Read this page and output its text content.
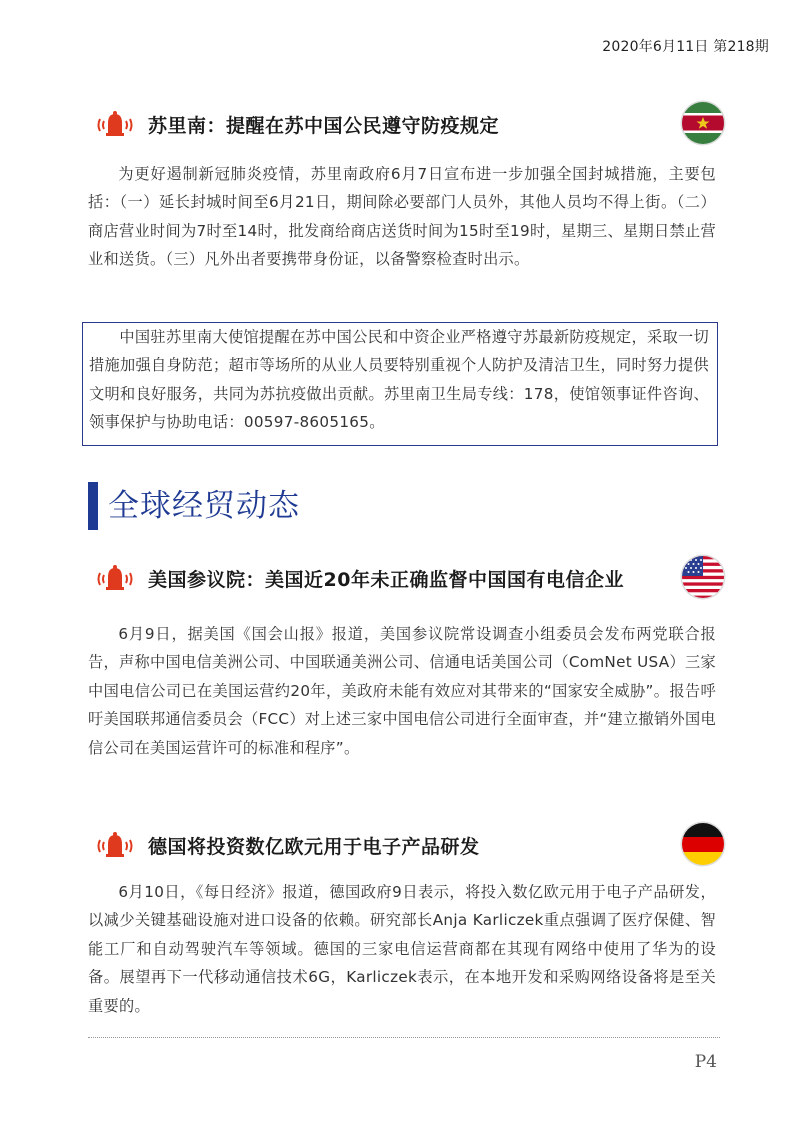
2020年6月11日 第218期
苏里南：提醒在苏中国公民遵守防疫规定

为更好遏制新冠肺炎疫情，苏里南政府6月7日宣布进一步加强全国封城措施，主要包括：（一）延长封城时间至6月21日，期间除必要部门人员外，其他人员均不得上街。（二）商店营业时间为7时至14时，批发商给商店送货时间为15时至19时，星期三、星期日禁止营业和送货。（三）凡外出者要携带身份证，以备警察检查时出示。

中国驻苏里南大使馆提醒在苏中国公民和中资企业严格遵守苏最新防疫规定，采取一切措施加强自身防范；超市等场所的从业人员要特别重视个人防护及清洁卫生，同时努力提供文明和良好服务，共同为苏抗疫做出贡献。苏里南卫生局专线：178，使馆领事证件咨询、领事保护与协助电话：00597-8605165。

全球经贸动态
美国参议院：美国近20年未正确监督中国国有电信企业

6月9日，据美国《国会山报》报道，美国参议院常设调查小组委员会发布两党联合报告，声称中国电信美洲公司、中国联通美洲公司、信通电话美国公司（ComNet USA）三家中国电信公司已在美国运营约20年，美政府未能有效应对其带来的“国家安全威胁”。报告呼吁美国联邦通信委员会（FCC）对上述三家中国电信公司进行全面审查，并“建立撤销外国电信公司在美国运营许可的标准和程序”。

德国将投资数亿欧元用于电子产品研发

6月10日，《每日经济》报道，德国政府9日表示，将投入数亿欧元用于电子产品研发，以减少关键基础设施对进口设备的依赖。研究部长Anja Karliczek重点强调了医疗保健、智能工厂和自动驾驶汽车等领域。德国的三家电信运营商都在其现有网络中使用了华为的设备。展望再下一代移动通信技术6G，Karliczek表示，在本地开发和采购网络设备将是至关重要的。

P4
